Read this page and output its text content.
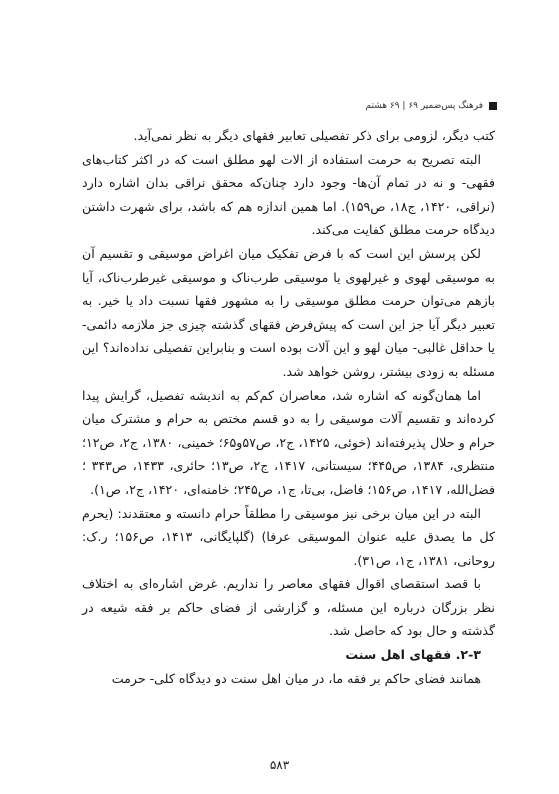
فرهنگ پس‌ضمیر ۶۹ | ۶۹ هشتم

کتب دیگر، لزومی برای ذکر تفصیلی تعابیر فقهای دیگر به نظر نمی‌آید.

البته تصریح به حرمت استفاده از الات لهو مطلق است که در اکثر کتاب‌های فقهی- و نه در تمام آن‌ها- وجود دارد چنان‌که محقق نراقی بدان اشاره دارد (نراقی، ۱۴۲۰، ج۱۸، ص۱۵۹). اما همین اندازه هم که باشد، برای شهرت داشتن دیدگاه حرمت مطلق کفایت می‌کند.

لکن پرسش این است که با فرض تفکیک میان اغراض موسیقی و تقسیم آن به موسیقی لهوی و غیرلهوی یا موسیقی طرب‌ناک و موسیقی غیرطرب‌ناک، آیا بازهم می‌توان حرمت مطلق موسیقی را به مشهور فقها نسبت داد یا خیر. به تعبیر دیگر آیا جز این است که پیش‌فرض فقهای گذشته چیزی جز ملازمه دائمی- یا حداقل غالبی- میان لهو و این آلات بوده است و بنابراین تفصیلی نداده‌اند؟ این مسئله به زودی بیشتر، روشن خواهد شد.

اما همان‌گونه که اشاره شد، معاصران کم‌کم به اندیشه تفصیل، گرایش پیدا کرده‌اند و تقسیم آلات موسیقی را به دو قسم مختص به حرام و مشترک میان حرام و حلال پذیرفته‌اند (خوئی، ۱۴۲۵، ج۲، ص۵۷و۶۵؛ خمینی، ۱۳۸۰، ج۲، ص۱۲؛ منتظری، ۱۳۸۴، ص۴۴۵؛ سیستانی، ۱۴۱۷، ج۲، ص۱۳؛ حائری، ۱۴۳۳، ص۳۴۳ ؛ فضل‌الله، ۱۴۱۷، ص۱۵۶؛ فاضل، بی‌تا، ج۱، ص۲۴۵؛ خامنه‌ای، ۱۴۲۰، ج۲، ص۱).

البته در این میان برخی نیز موسیقی را مطلقاً حرام دانسته و معتقدند: (یحرم کل ما یصدق علیه عنوان الموسیقی عرفا) (گلپایگانی، ۱۴۱۳، ص۱۵۶؛ ر.ک: روحانی، ۱۳۸۱، ج۱، ص۳۱).

با قصد استقصای اقوال فقهای معاصر را نداریم. غرض اشاره‌ای به اختلاف نظر بزرگان درباره این مسئله، و گزارشی از فضای حاکم بر فقه شیعه در گذشته و حال بود که حاصل شد.

۲-۳. فقهای اهل سنت

همانند فضای حاکم بر فقه ما، در میان اهل سنت دو دیدگاه کلی- حرمت

۵۸۳
